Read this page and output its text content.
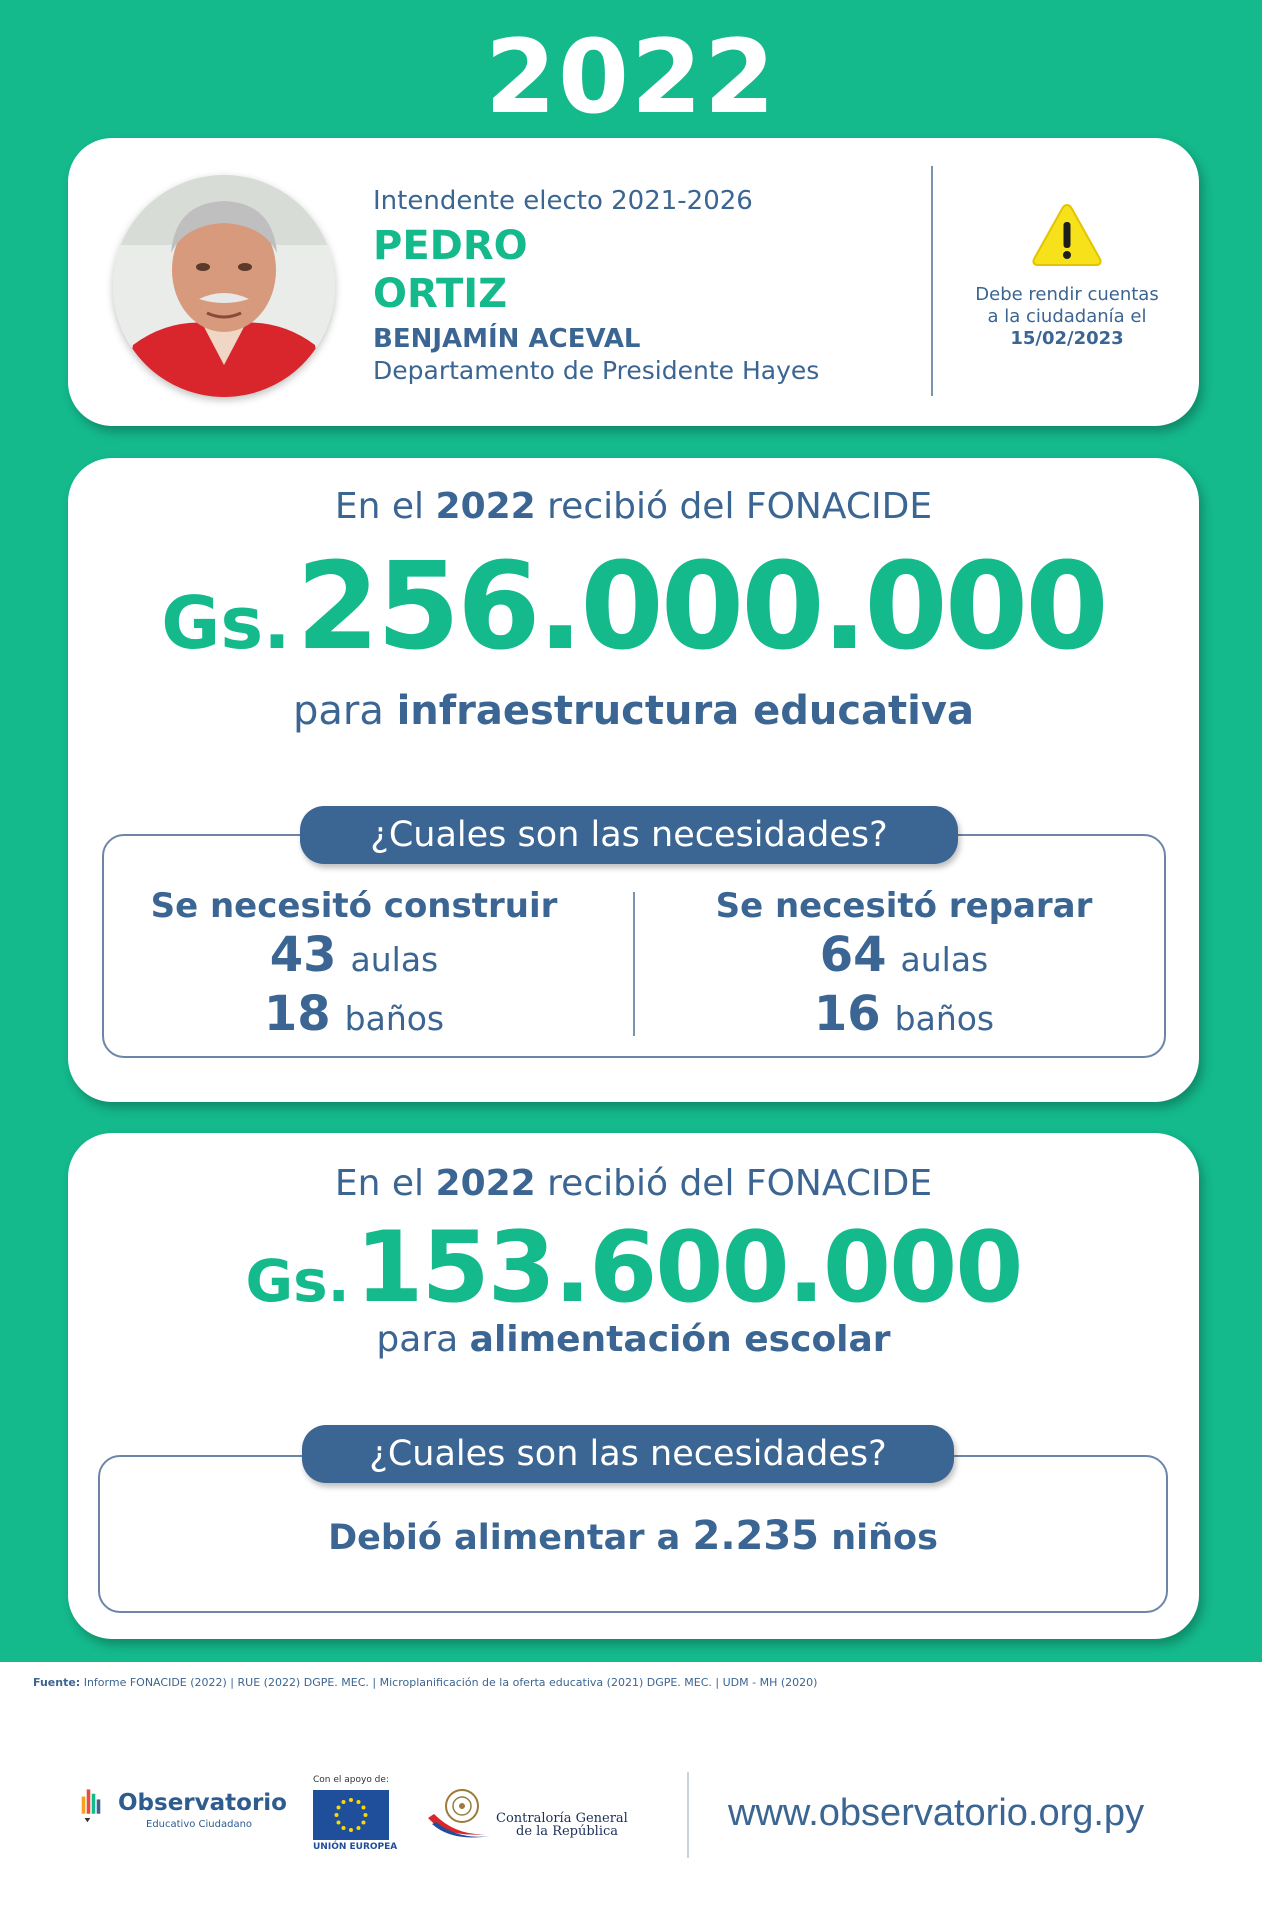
2022
Intendente electo 2021-2026
PEDRO
ORTIZ
BENJAMÍN ACEVAL
Departamento de Presidente Hayes
Debe rendir cuentas
a la ciudadanía el
15/02/2023
En el 2022 recibió del FONACIDE
Gs. 256.000.000
para infraestructura educativa
Se necesitó construir
43 aulas
18 baños
Se necesitó reparar
64 aulas
16 baños
¿Cuales son las necesidades?
En el 2022 recibió del FONACIDE
Gs. 153.600.000
para alimentación escolar
Debió alimentar a 2.235 niños
¿Cuales son las necesidades?
Fuente: Informe FONACIDE (2022) | RUE (2022) DGPE. MEC. | Microplanificación de la oferta educativa (2021) DGPE. MEC. | UDM - MH (2020)
Observatorio
Educativo Ciudadano
Con el apoyo de:
UNIÓN EUROPEA
Contraloría General
de la República	www.observatorio.org.py
